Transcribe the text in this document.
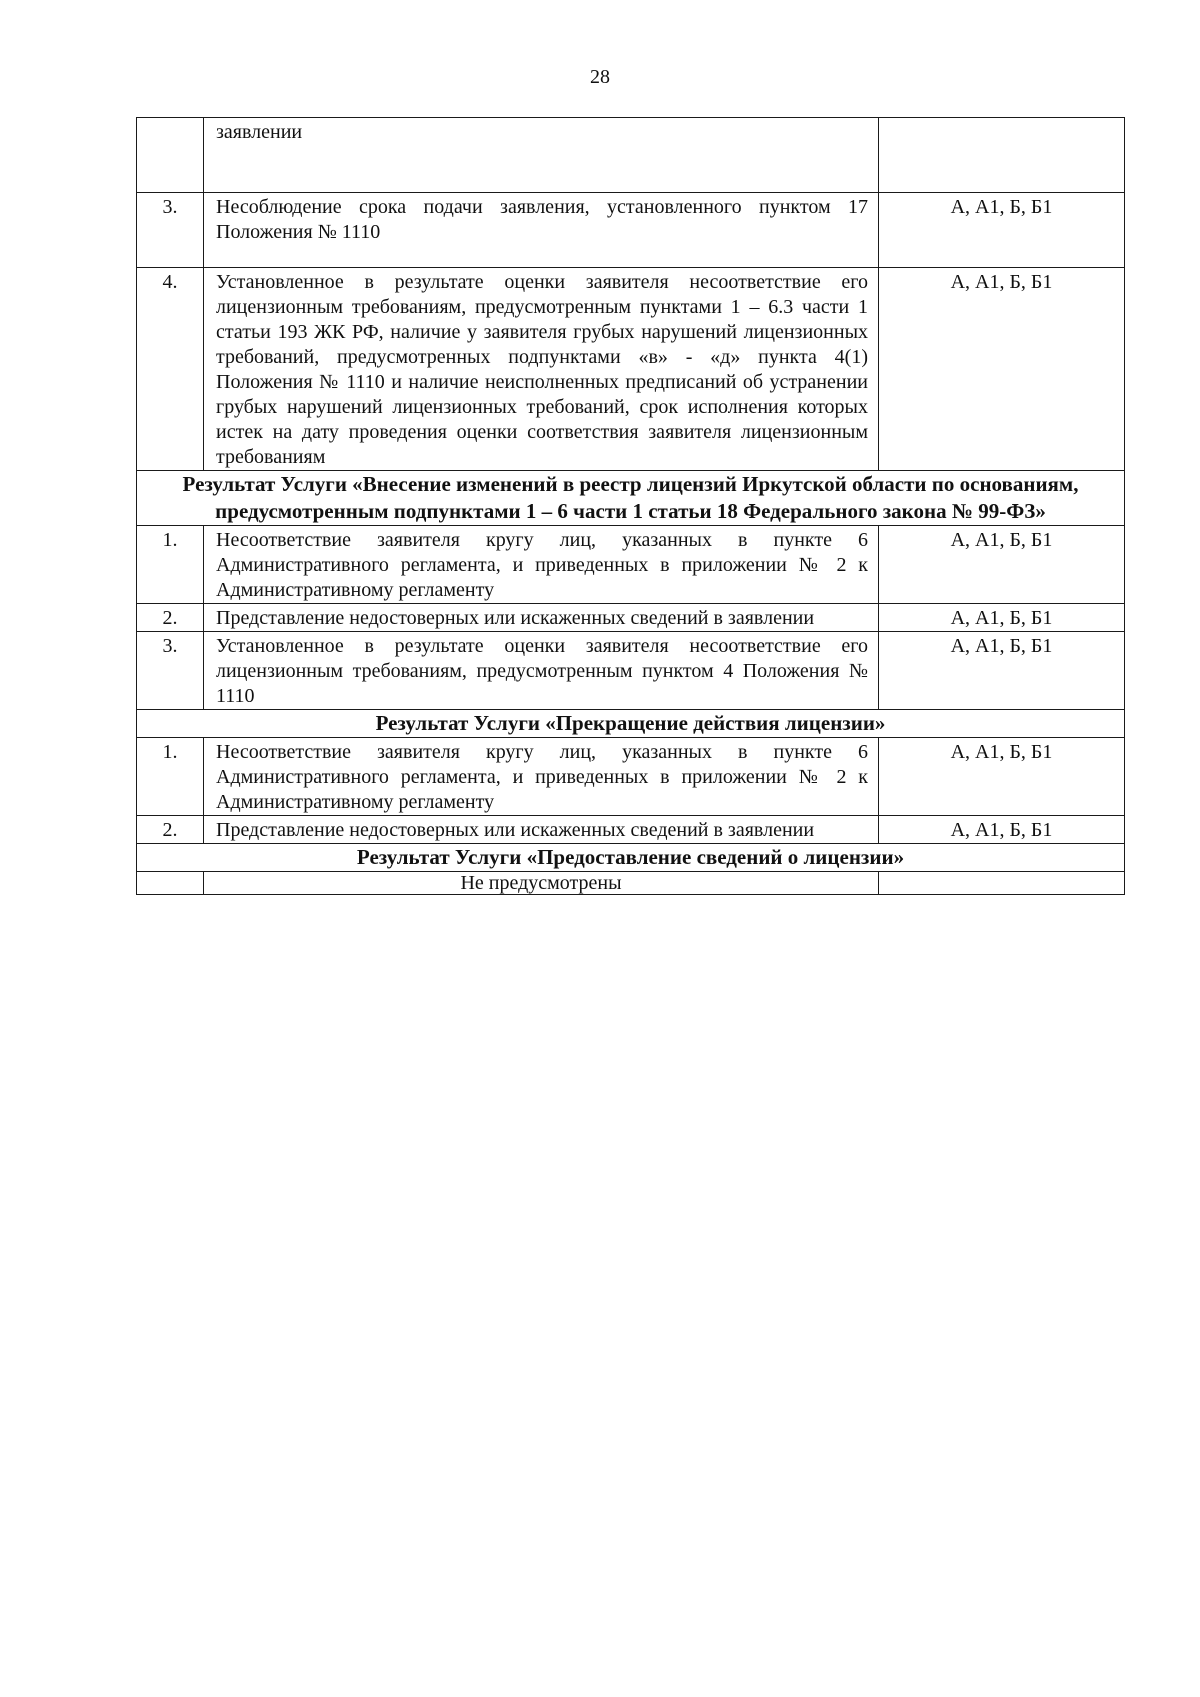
28
	заявлении	
3.	Несоблюдение срока подачи заявления, установленного пунктом 17 Положения № 1110	А, А1, Б, Б1
4.	Установленное в результате оценки заявителя несоответствие его лицензионным требованиям, предусмотренным пунктами 1 – 6.3 части 1 статьи 193 ЖК РФ, наличие у заявителя грубых нарушений лицензионных требований, предусмотренных подпунктами «в» - «д» пункта 4(1) Положения № 1110 и наличие неисполненных предписаний об устранении грубых нарушений лицензионных требований, срок исполнения которых истек на дату проведения оценки соответствия заявителя лицензионным требованиям	А, А1, Б, Б1
Результат Услуги «Внесение изменений в реестр лицензий Иркутской области по основаниям, предусмотренным подпунктами 1 – 6 части 1 статьи 18 Федерального закона № 99-ФЗ»		
1.	Несоответствие заявителя кругу лиц, указанных в пункте 6 Административного регламента, и приведенных в приложении № 2 к Административному регламенту	А, А1, Б, Б1
2.	Представление недостоверных или искаженных сведений в заявлении	А, А1, Б, Б1
3.	Установленное в результате оценки заявителя несоответствие его лицензионным требованиям, предусмотренным пунктом 4 Положения № 1110	А, А1, Б, Б1
Результат Услуги «Прекращение действия лицензии»		
1.	Несоответствие заявителя кругу лиц, указанных в пункте 6 Административного регламента, и приведенных в приложении № 2 к Административному регламенту	А, А1, Б, Б1
2.	Представление недостоверных или искаженных сведений в заявлении	А, А1, Б, Б1
Результат Услуги «Предоставление сведений о лицензии»		
	Не предусмотрены	
